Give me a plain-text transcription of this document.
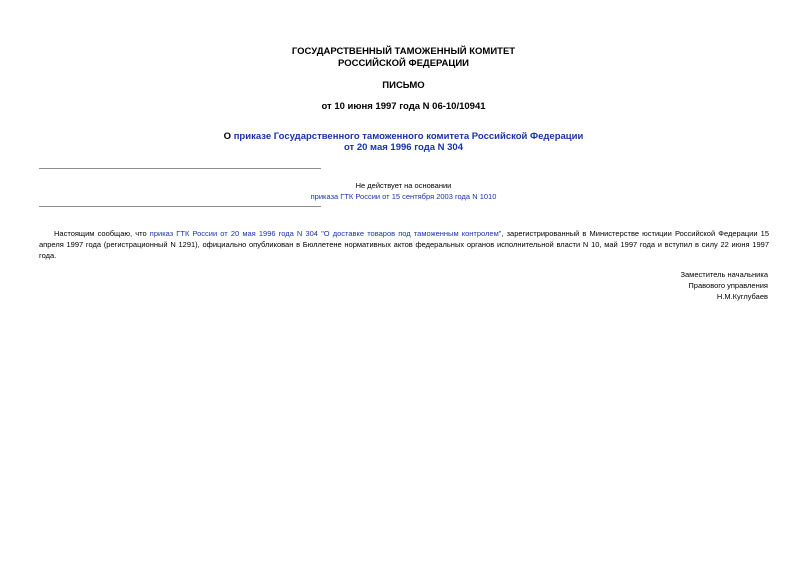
ГОСУДАРСТВЕННЫЙ ТАМОЖЕННЫЙ КОМИТЕТ
РОССИЙСКОЙ ФЕДЕРАЦИИ
ПИСЬМО
от 10 июня 1997 года N 06-10/10941
О приказе Государственного таможенного комитета Российской Федерации
от 20 мая 1996 года N 304
Не действует на основании
приказа ГТК России от 15 сентября 2003 года N 1010
Настоящим сообщаю, что приказ ГТК России от 20 мая 1996 года N 304 "О доставке товаров под таможенным контролем", зарегистрированный в Министерстве юстиции Российской Федерации 15 апреля 1997 года (регистрационный N 1291), официально опубликован в Бюллетене нормативных актов федеральных органов исполнительной власти N 10, май 1997 года и вступил в силу 22 июня 1997 года.
Заместитель начальника
Правового управления
Н.М.Куглубаев
